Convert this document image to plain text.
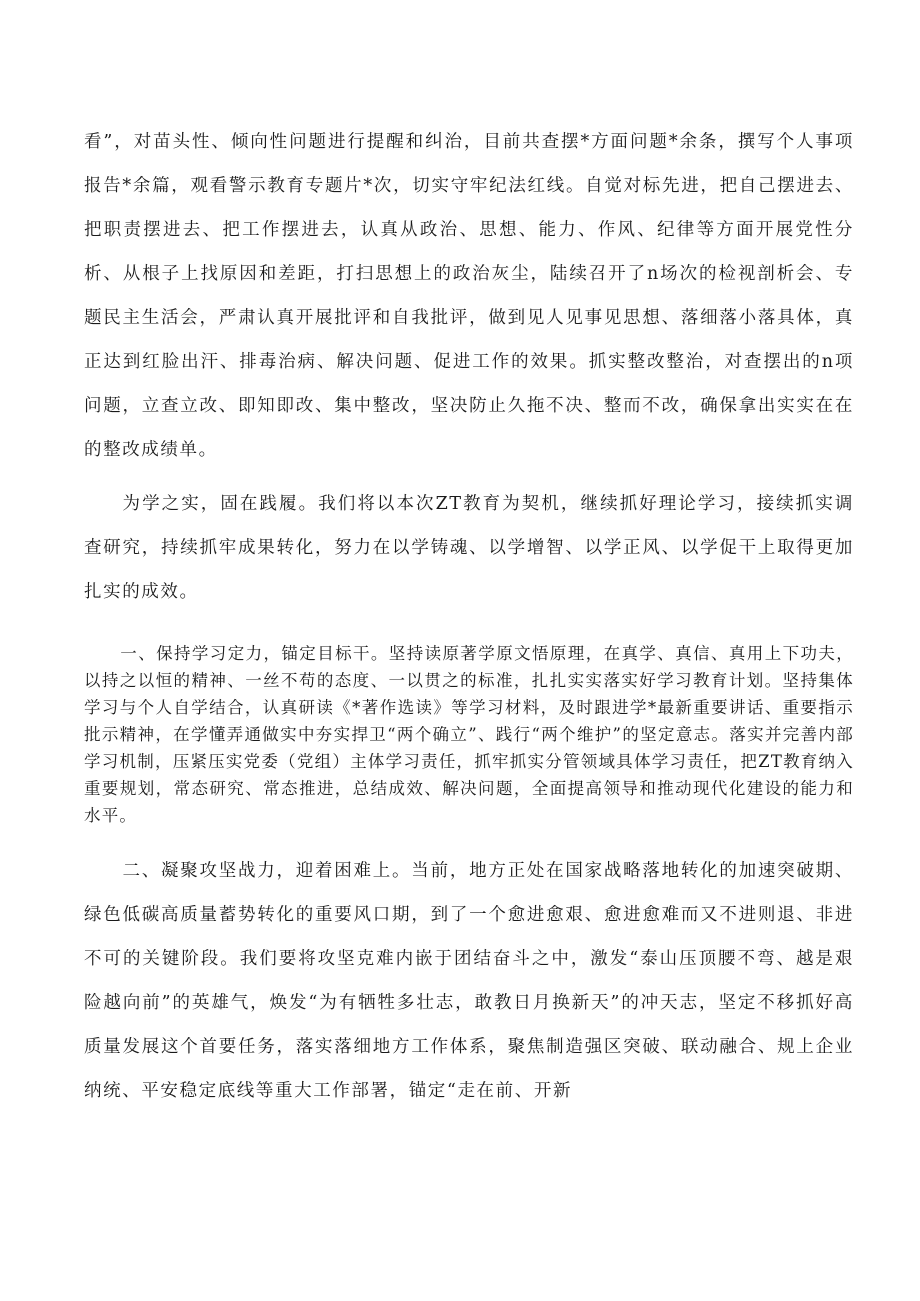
看”，对苗头性、倾向性问题进行提醒和纠治，目前共查摆*方面问题*余条，撰写个人事项报告*余篇，观看警示教育专题片*次，切实守牢纪法红线。自觉对标先进，把自己摆进去、把职责摆进去、把工作摆进去，认真从政治、思想、能力、作风、纪律等方面开展党性分析、从根子上找原因和差距，打扫思想上的政治灰尘，陆续召开了n场次的检视剖析会、专题民主生活会，严肃认真开展批评和自我批评，做到见人见事见思想、落细落小落具体，真正达到红脸出汗、排毒治病、解决问题、促进工作的效果。抓实整改整治，对查摆出的n项问题，立查立改、即知即改、集中整改，坚决防止久拖不决、整而不改，确保拿出实实在在的整改成绩单。

为学之实，固在践履。我们将以本次ZT教育为契机，继续抓好理论学习，接续抓实调查研究，持续抓牢成果转化，努力在以学铸魂、以学增智、以学正风、以学促干上取得更加扎实的成效。

一、保持学习定力，锚定目标干。坚持读原著学原文悟原理，在真学、真信、真用上下功夫，以持之以恒的精神、一丝不苟的态度、一以贯之的标准，扎扎实实落实好学习教育计划。坚持集体学习与个人自学结合，认真研读《*著作选读》等学习材料，及时跟进学*最新重要讲话、重要指示批示精神，在学懂弄通做实中夯实捍卫“两个确立”、践行“两个维护”的坚定意志。落实并完善内部学习机制，压紧压实党委（党组）主体学习责任，抓牢抓实分管领域具体学习责任，把ZT教育纳入重要规划，常态研究、常态推进，总结成效、解决问题，全面提高领导和推动现代化建设的能力和水平。

二、凝聚攻坚战力，迎着困难上。当前，地方正处在国家战略落地转化的加速突破期、绿色低碳高质量蓄势转化的重要风口期，到了一个愈进愈艰、愈进愈难而又不进则退、非进不可的关键阶段。我们要将攻坚克难内嵌于团结奋斗之中，激发“泰山压顶腰不弯、越是艰险越向前”的英雄气，焕发“为有牺牲多壮志，敢教日月换新天”的冲天志，坚定不移抓好高质量发展这个首要任务，落实落细地方工作体系，聚焦制造强区突破、联动融合、规上企业纳统、平安稳定底线等重大工作部署，锚定“走在前、开新
